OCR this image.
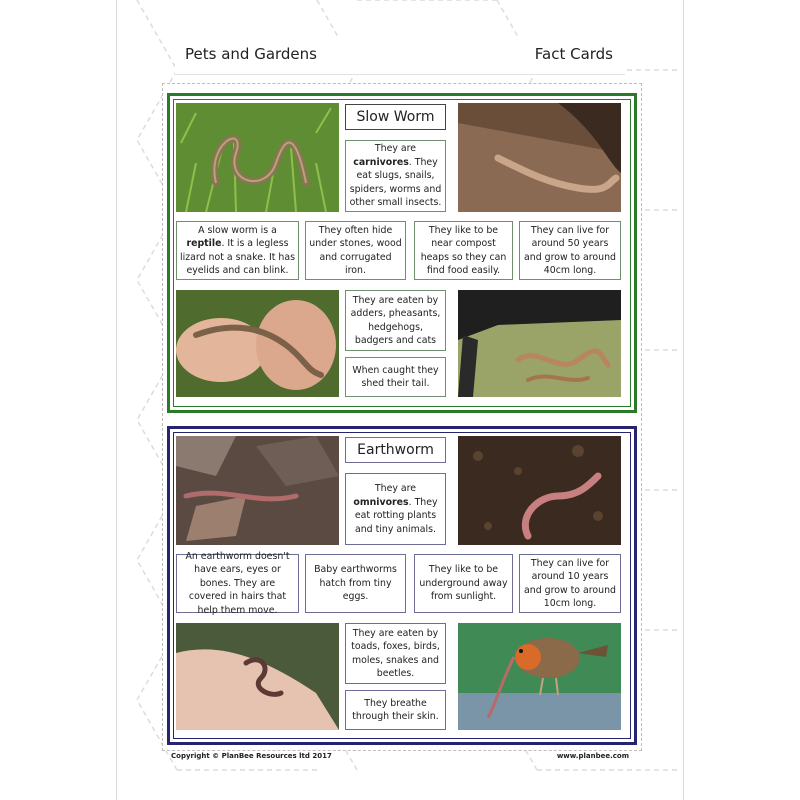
Pets and Gardens	Fact Cards
Slow Worm
They are carnivores. They eat slugs, snails, spiders, worms and other small insects.
A slow worm is a reptile. It is a legless lizard not a snake. It has eyelids and can blink.
They often hide under stones, wood and corrugated iron.
They like to be near compost heaps so they can find food easily.
They can live for around 50 years and grow to around 40cm long.
They are eaten by adders, pheasants, hedgehogs, badgers and cats
When caught they shed their tail.
Earthworm
They are omnivores. They eat rotting plants and tiny animals.
An earthworm doesn't have ears, eyes or bones. They are covered in hairs that help them move.
Baby earthworms hatch from tiny eggs.
They like to be underground away from sunlight.
They can live for around 10 years and grow to around 10cm long.
They are eaten by toads, foxes, birds, moles, snakes and beetles.
They breathe through their skin.
Copyright © PlanBee Resources ltd 2017	www.planbee.com
